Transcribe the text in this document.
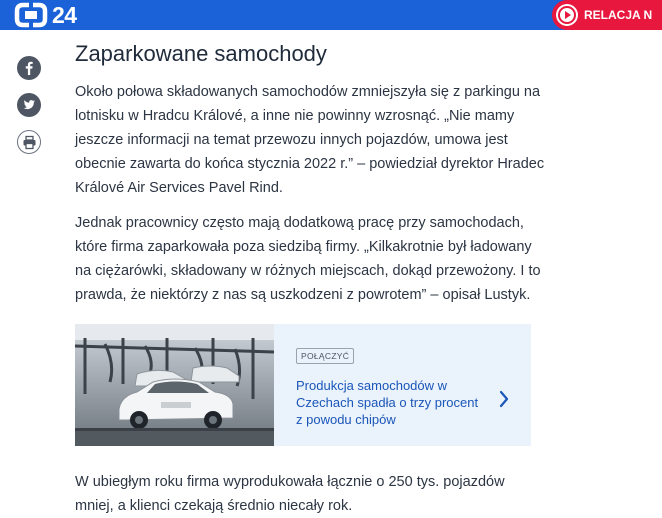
24	RELACJA N
Zaparkowane samochody

Około połowa składowanych samochodów zmniejszyła się z parkingu na lotnisku w Hradcu Králové, a inne nie powinny wzrosnąć. „Nie mamy jeszcze informacji na temat przewozu innych pojazdów, umowa jest obecnie zawarta do końca stycznia 2022 r.” – powiedział dyrektor Hradec Králové Air Services Pavel Rind.

Jednak pracownicy często mają dodatkową pracę przy samochodach, które firma zaparkowała poza siedzibą firmy. „Kilkakrotnie był ładowany na ciężarówki, składowany w różnych miejscach, dokąd przewożony. I to prawda, że niektórzy z nas są uszkodzeni z powrotem” – opisał Lustyk.

POŁĄCZYĆ
Produkcja samochodów w Czechach spadła o trzy procent z powodu chipów

W ubiegłym roku firma wyprodukowała łącznie o 250 tys. pojazdów mniej, a klienci czekają średnio niecały rok.
